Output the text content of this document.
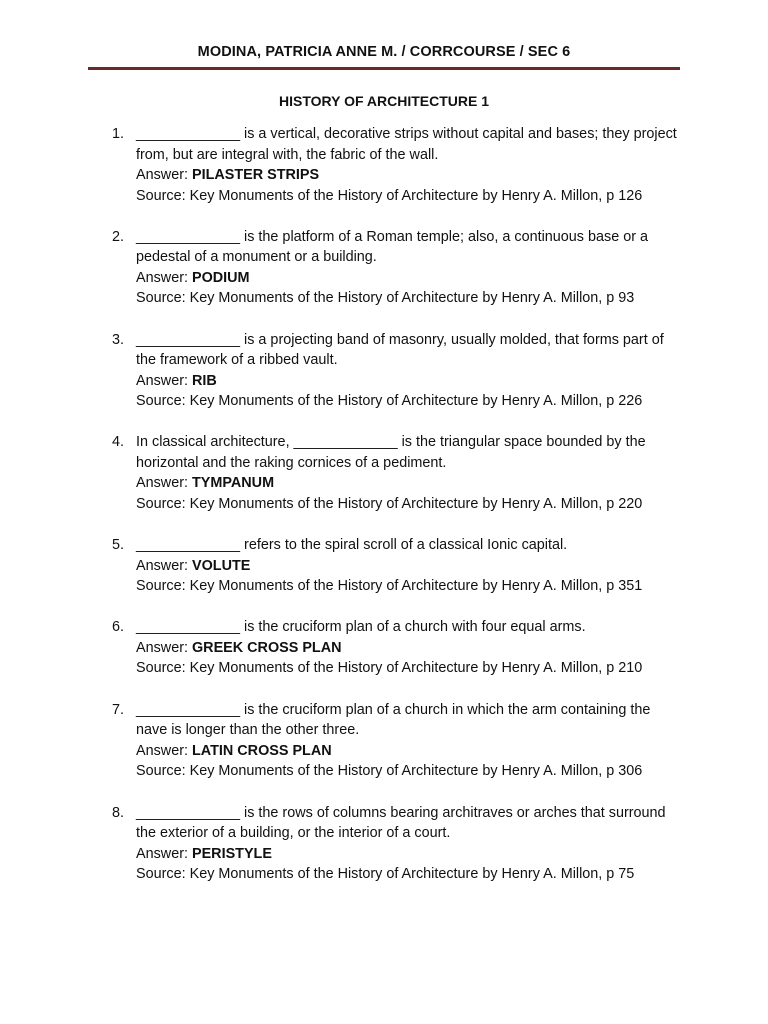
MODINA, PATRICIA ANNE M. / CORRCOURSE / SEC 6
HISTORY OF ARCHITECTURE 1
1. _____________ is a vertical, decorative strips without capital and bases; they project from, but are integral with, the fabric of the wall.
Answer: PILASTER STRIPS
Source: Key Monuments of the History of Architecture by Henry A. Millon, p 126
2. _____________ is the platform of a Roman temple; also, a continuous base or a pedestal of a monument or a building.
Answer: PODIUM
Source: Key Monuments of the History of Architecture by Henry A. Millon, p 93
3. _____________ is a projecting band of masonry, usually molded, that forms part of the framework of a ribbed vault.
Answer: RIB
Source: Key Monuments of the History of Architecture by Henry A. Millon, p 226
4. In classical architecture, _____________ is the triangular space bounded by the horizontal and the raking cornices of a pediment.
Answer: TYMPANUM
Source: Key Monuments of the History of Architecture by Henry A. Millon, p 220
5. _____________ refers to the spiral scroll of a classical Ionic capital.
Answer: VOLUTE
Source: Key Monuments of the History of Architecture by Henry A. Millon, p 351
6. _____________ is the cruciform plan of a church with four equal arms.
Answer: GREEK CROSS PLAN
Source: Key Monuments of the History of Architecture by Henry A. Millon, p 210
7. _____________ is the cruciform plan of a church in which the arm containing the nave is longer than the other three.
Answer: LATIN CROSS PLAN
Source: Key Monuments of the History of Architecture by Henry A. Millon, p 306
8. _____________ is the rows of columns bearing architraves or arches that surround the exterior of a building, or the interior of a court.
Answer: PERISTYLE
Source: Key Monuments of the History of Architecture by Henry A. Millon, p 75
